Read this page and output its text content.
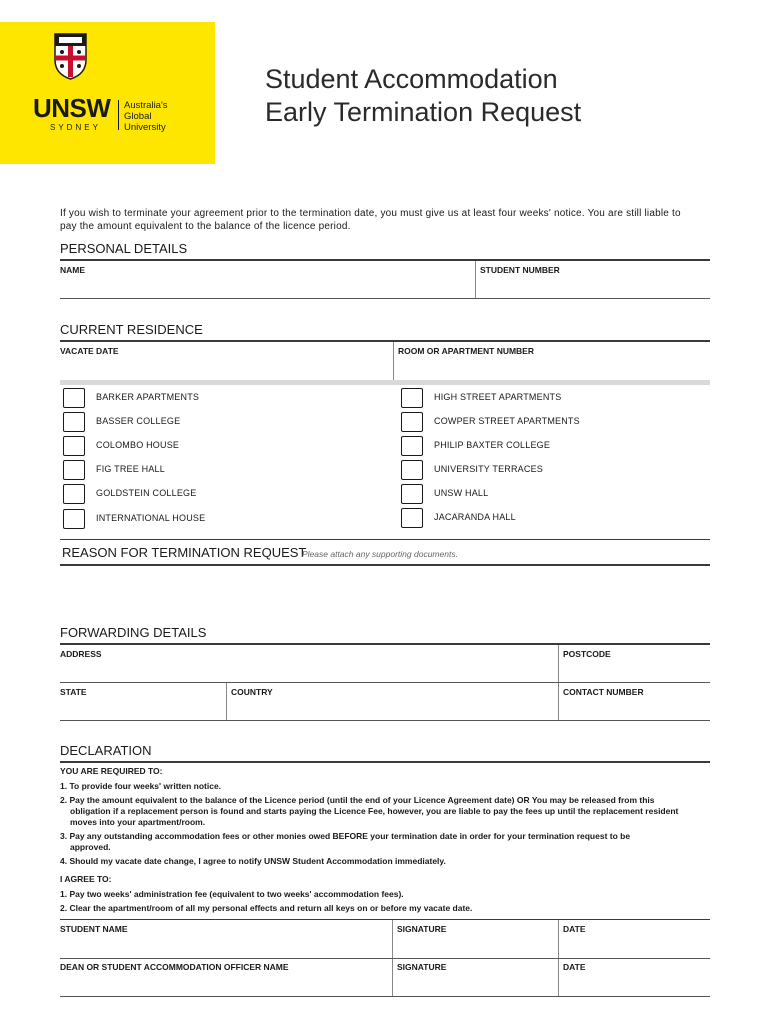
UNSW
SYDNEY
Australia's
Global
University
Student Accommodation
Early Termination Request
If you wish to terminate your agreement prior to the termination date, you must give us at least four weeks' notice. You are still liable to pay the amount equivalent to the balance of the licence period.
PERSONAL DETAILS
NAME	STUDENT NUMBER
CURRENT RESIDENCE
VACATE DATE	ROOM OR APARTMENT NUMBER
BARKER APARTMENTS
BASSER COLLEGE
COLOMBO HOUSE
FIG TREE HALL
GOLDSTEIN COLLEGE
INTERNATIONAL HOUSE
HIGH STREET APARTMENTS
COWPER STREET APARTMENTS
PHILIP BAXTER COLLEGE
UNIVERSITY TERRACES
UNSW HALL
JACARANDA HALL
REASON FOR TERMINATION REQUEST
Please attach any supporting documents.
FORWARDING DETAILS
ADDRESS	POSTCODE
STATE	COUNTRY	CONTACT NUMBER
DECLARATION
YOU ARE REQUIRED TO:
1. To provide four weeks' written notice.
2. Pay the amount equivalent to the balance of the Licence period (until the end of your Licence Agreement date) OR You may be released from this obligation if a replacement person is found and starts paying the Licence Fee, however, you are liable to pay the fees up until the replacement resident moves into your apartment/room.
3. Pay any outstanding accommodation fees or other monies owed BEFORE your termination date in order for your termination request to be approved.
4. Should my vacate date change, I agree to notify UNSW Student Accommodation immediately.
I AGREE TO:
1. Pay two weeks' administration fee (equivalent to two weeks' accommodation fees).
2. Clear the apartment/room of all my personal effects and return all keys on or before my vacate date.
STUDENT NAME	SIGNATURE	DATE
DEAN OR STUDENT ACCOMMODATION OFFICER NAME	SIGNATURE	DATE
